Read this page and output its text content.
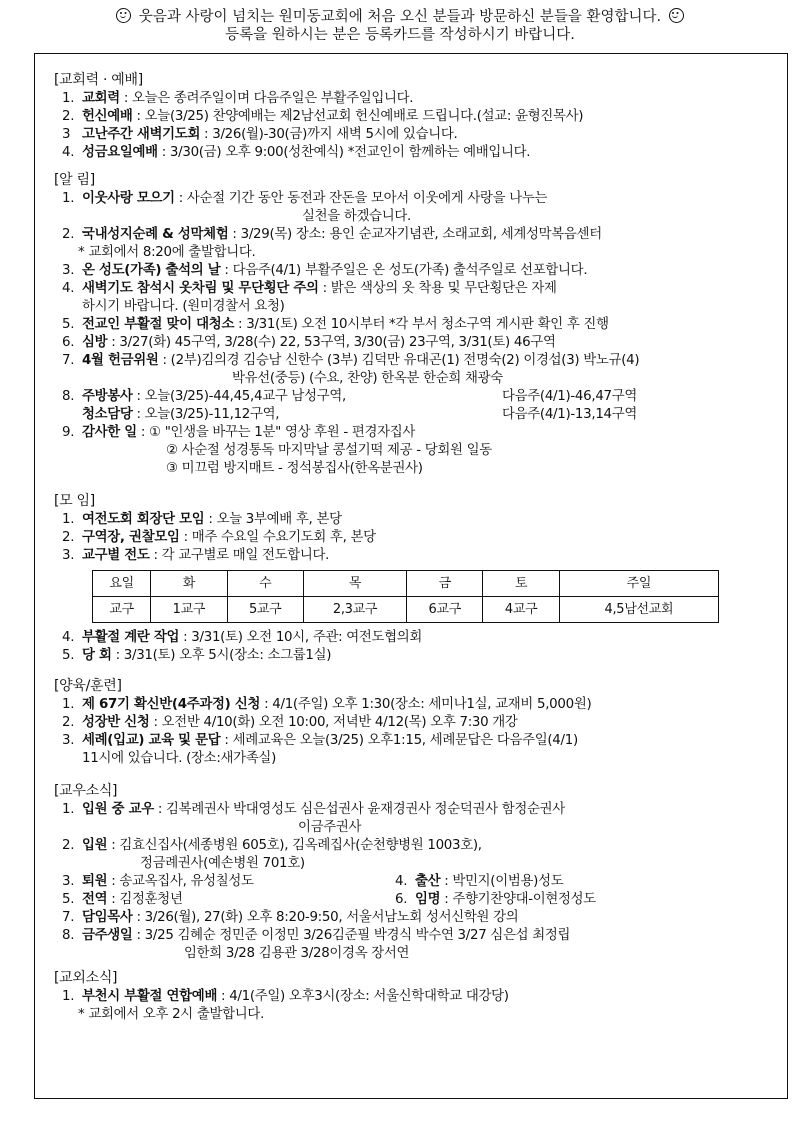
웃음과 사랑이 넘치는 원미동교회에 처음 오신 분들과 방문하신 분들을 환영합니다.
등록을 원하시는 분은 등록카드를 작성하시기 바랍니다.
[교회력 · 예배]
1. 교회력 : 오늘은 종려주일이며 다음주일은 부활주일입니다.
2. 헌신예배 : 오늘(3/25) 찬양예배는 제2남선교회 헌신예배로 드립니다.(설교: 윤형진목사)
3 고난주간 새벽기도회 : 3/26(월)-30(금)까지 새벽 5시에 있습니다.
4. 성금요일예배 : 3/30(금) 오후 9:00(성찬예식) *전교인이 함께하는 예배입니다.
[알 림]
1. 이웃사랑 모으기 : 사순절 기간 동안 동전과 잔돈을 모아서 이웃에게 사랑을 나누는
실천을 하겠습니다.
2. 국내성지순례 & 성막체험 : 3/29(목) 장소: 용인 순교자기념관, 소래교회, 세계성막복음센터
* 교회에서 8:20에 출발합니다.
3. 온 성도(가족) 출석의 날 : 다음주(4/1) 부활주일은 온 성도(가족) 출석주일로 선포합니다.
4. 새벽기도 참석시 옷차림 및 무단횡단 주의 : 밝은 색상의 옷 착용 및 무단횡단은 자제
하시기 바랍니다. (원미경찰서 요청)
5. 전교인 부활절 맞이 대청소 : 3/31(토) 오전 10시부터 *각 부서 청소구역 게시판 확인 후 진행
6. 심방 : 3/27(화) 45구역, 3/28(수) 22, 53구역, 3/30(금) 23구역, 3/31(토) 46구역
7. 4월 헌금위원 : (2부)김의경 김승남 신한수 (3부) 김덕만 유대곤(1) 전명숙(2) 이경섭(3) 박노규(4)
박유선(중등) (수요, 찬양) 한옥분 한순희 채광숙
8. 주방봉사 : 오늘(3/25)-44,45,4교구 남성구역,	다음주(4/1)-46,47구역
청소담당 : 오늘(3/25)-11,12구역,	다음주(4/1)-13,14구역
9. 감사한 일 : ① "인생을 바꾸는 1분" 영상 후원 - 편경자집사
② 사순절 성경통독 마지막날 콩설기떡 제공 - 당회원 일동
③ 미끄럼 방지매트 - 정석봉집사(한옥분권사)
[모 임]
1. 여전도회 회장단 모임 : 오늘 3부예배 후, 본당
2. 구역장, 권찰모임 : 매주 수요일 수요기도회 후, 본당
3. 교구별 전도 : 각 교구별로 매일 전도합니다.
요일	화	수	목	금	토	주일
교구	1교구	5교구	2,3교구	6교구	4교구	4,5남선교회
4. 부활절 계란 작업 : 3/31(토) 오전 10시, 주관: 여전도협의회
5. 당 회 : 3/31(토) 오후 5시(장소: 소그룹1실)
[양육/훈련]
1. 제 67기 확신반(4주과정) 신청 : 4/1(주일) 오후 1:30(장소: 세미나1실, 교재비 5,000원)
2. 성장반 신청 : 오전반 4/10(화) 오전 10:00, 저녁반 4/12(목) 오후 7:30 개강
3. 세례(입교) 교육 및 문답 : 세례교육은 오늘(3/25) 오후1:15, 세례문답은 다음주일(4/1)
11시에 있습니다. (장소:새가족실)
[교우소식]
1. 입원 중 교우 : 김복례권사 박대영성도 심은섭권사 윤재경권사 정순덕권사 함정순권사
이금주권사
2. 입원 : 김효신집사(세종병원 605호), 김옥례집사(순천향병원 1003호),
정금례권사(예손병원 701호)
3. 퇴원 : 송교옥집사, 유성칠성도	4. 출산 : 박민지(이범용)성도
5. 전역 : 김정훈청년	6. 임명 : 주향기찬양대-이현정성도
7. 담임목사 : 3/26(월), 27(화) 오후 8:20-9:50, 서울서남노회 성서신학원 강의
8. 금주생일 : 3/25 김혜순 정민준 이정민 3/26김준필 박경식 박수연 3/27 심은섭 최정립
임한희 3/28 김용관 3/28이경옥 장서연
[교외소식]
1. 부천시 부활절 연합예배 : 4/1(주일) 오후3시(장소: 서울신학대학교 대강당)
* 교회에서 오후 2시 출발합니다.
